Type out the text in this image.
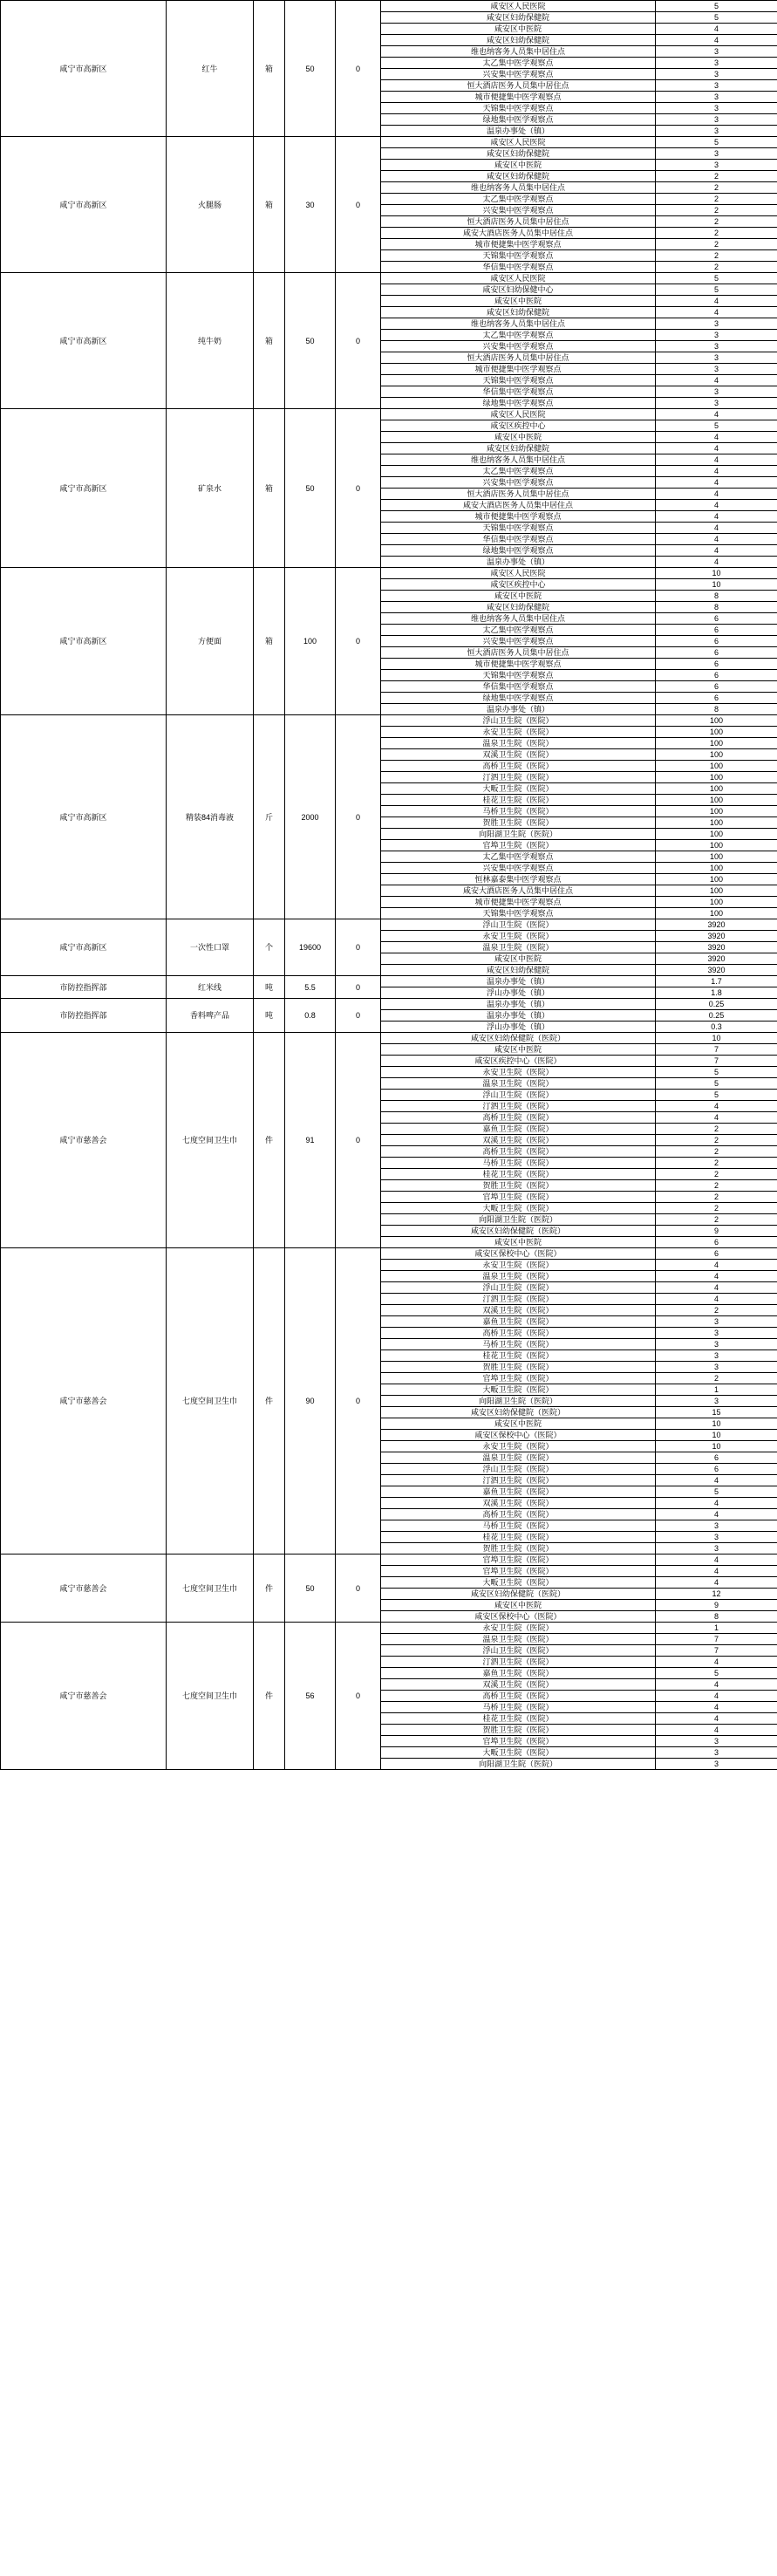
咸宁市高新区	红牛	箱	50	0	咸安区人民医院	5
					咸安区妇幼保健院	5
					咸安区中医院	4
					咸安区妇幼保健院	4
					维也纳客务人员集中居住点	3
					太乙集中医学观察点	3
					兴安集中医学观察点	3
					恒大酒店医务人员集中居住点	3
					城市便捷集中医学观察点	3
					天锦集中医学观察点	3
					绿地集中医学观察点	3
					温泉办事处（镇）	3
咸宁市高新区	火腿肠	箱	30	0	咸安区人民医院	5
					咸安区妇幼保健院	3
					咸安区中医院	3
					咸安区妇幼保健院	2
					维也纳客务人员集中居住点	2
					太乙集中医学观察点	2
					兴安集中医学观察点	2
					恒大酒店医务人员集中居住点	2
					咸安大酒店医务人员集中居住点	2
					城市便捷集中医学观察点	2
					天锦集中医学观察点	2
					华信集中医学观察点	2
咸宁市高新区	纯牛奶	箱	50	0	咸安区人民医院	5
					咸安区妇幼保健中心	5
					咸安区中医院	4
					咸安区妇幼保健院	4
					维也纳客务人员集中居住点	3
					太乙集中医学观察点	3
					兴安集中医学观察点	3
					恒大酒店医务人员集中居住点	3
					城市便捷集中医学观察点	3
					天锦集中医学观察点	4
					华信集中医学观察点	3
					绿地集中医学观察点	3
咸宁市高新区	矿泉水	箱	50	0	咸安区人民医院	4
					咸安区疾控中心	5
					咸安区中医院	4
					咸安区妇幼保健院	4
					维也纳客务人员集中居住点	4
					太乙集中医学观察点	4
					兴安集中医学观察点	4
					恒大酒店医务人员集中居住点	4
					咸安大酒店医务人员集中居住点	4
					城市便捷集中医学观察点	4
					天锦集中医学观察点	4
					华信集中医学观察点	4
					绿地集中医学观察点	4
					温泉办事处（镇）	4
咸宁市高新区	方便面	箱	100	0	咸安区人民医院	10
					咸安区疾控中心	10
					咸安区中医院	8
					咸安区妇幼保健院	8
					维也纳客务人员集中居住点	6
					太乙集中医学观察点	6
					兴安集中医学观察点	6
					恒大酒店医务人员集中居住点	6
					城市便捷集中医学观察点	6
					天锦集中医学观察点	6
					华信集中医学观察点	6
					绿地集中医学观察点	6
					温泉办事处（镇）	8
咸宁市高新区	精装84消毒液	斤	2000	0	浮山卫生院（医院）	100
					永安卫生院（医院）	100
					温泉卫生院（医院）	100
					双溪卫生院（医院）	100
					高桥卫生院（医院）	100
					汀泗卫生院（医院）	100
					大畈卫生院（医院）	100
					桂花卫生院（医院）	100
					马桥卫生院（医院）	100
					贺胜卫生院（医院）	100
					向阳湖卫生院（医院）	100
					官埠卫生院（医院）	100
					太乙集中医学观察点	100
					兴安集中医学观察点	100
					恒林嘉泰集中医学观察点	100
					咸安大酒店医务人员集中居住点	100
					城市便捷集中医学观察点	100
					天锦集中医学观察点	100
咸宁市高新区	一次性口罩	个	19600	0	浮山卫生院（医院）	3920
					永安卫生院（医院）	3920
					温泉卫生院（医院）	3920
					咸安区中医院	3920
					咸安区妇幼保健院	3920
市防控指挥部	红米线	吨	5.5	0	温泉办事处（镇）	1.7
					浮山办事处（镇）	1.8
市防控指挥部	香料啤产品	吨	0.8	0	温泉办事处（镇）	0.25
					温泉办事处（镇）	0.25
					浮山办事处（镇）	0.3
咸宁市慈善会	七度空间卫生巾	件	91	0	咸安区妇幼保健院（医院）	10
					咸安区中医院	7
					咸安区疾控中心（医院）	7
					永安卫生院（医院）	5
					温泉卫生院（医院）	5
					浮山卫生院（医院）	5
					汀泗卫生院（医院）	4
					高桥卫生院（医院）	4
					嘉鱼卫生院（医院）	2
					双溪卫生院（医院）	2
					高桥卫生院（医院）	2
					马桥卫生院（医院）	2
					桂花卫生院（医院）	2
					贺胜卫生院（医院）	2
					官埠卫生院（医院）	2
					大畈卫生院（医院）	2
					向阳湖卫生院（医院）	2
					咸安区妇幼保健院（医院）	9
					咸安区中医院	6
咸宁市慈善会	七度空间卫生巾	件	90	0	咸安区保校中心（医院）	6
					永安卫生院（医院）	4
					温泉卫生院（医院）	4
					浮山卫生院（医院）	4
					汀泗卫生院（医院）	4
					双溪卫生院（医院）	2
					嘉鱼卫生院（医院）	3
					高桥卫生院（医院）	3
					马桥卫生院（医院）	3
					桂花卫生院（医院）	3
					贺胜卫生院（医院）	3
					官埠卫生院（医院）	2
					大畈卫生院（医院）	1
					向阳湖卫生院（医院）	3
					咸安区妇幼保健院（医院）	15
					咸安区中医院	10
					咸安区保校中心（医院）	10
					永安卫生院（医院）	10
					温泉卫生院（医院）	6
					浮山卫生院（医院）	6
					汀泗卫生院（医院）	4
					嘉鱼卫生院（医院）	5
					双溪卫生院（医院）	4
					高桥卫生院（医院）	4
					马桥卫生院（医院）	3
					桂花卫生院（医院）	3
					贺胜卫生院（医院）	3
咸宁市慈善会	七度空间卫生巾	件	50	0	官埠卫生院（医院）	4
					官埠卫生院（医院）	4
					大畈卫生院（医院）	4
					咸安区妇幼保健院（医院）	12
					咸安区中医院	9
					咸安区保校中心（医院）	8
咸宁市慈善会	七度空间卫生巾	件	56	0	永安卫生院（医院）	1
					温泉卫生院（医院）	7
					浮山卫生院（医院）	7
					汀泗卫生院（医院）	4
					嘉鱼卫生院（医院）	5
					双溪卫生院（医院）	4
					高桥卫生院（医院）	4
					马桥卫生院（医院）	4
					桂花卫生院（医院）	4
					贺胜卫生院（医院）	4
					官埠卫生院（医院）	3
					大畈卫生院（医院）	3
					向阳湖卫生院（医院）	3
